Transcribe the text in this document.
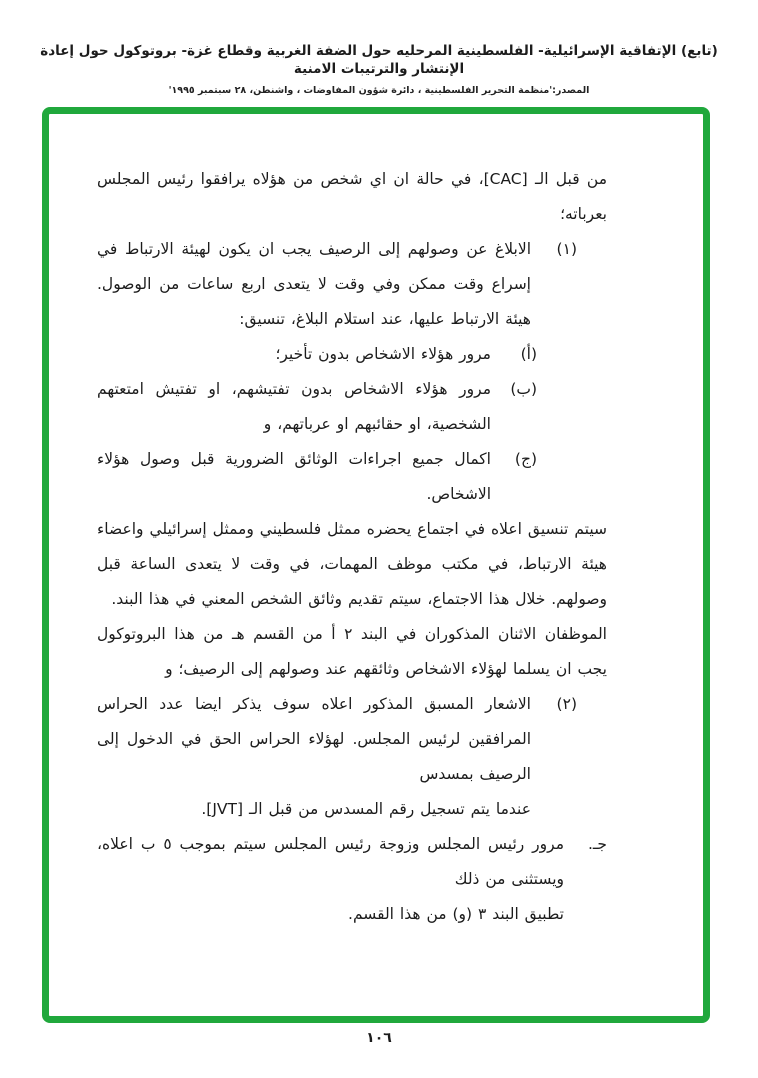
(تابع) الإتفاقية الإسرائيلية- الفلسطينية المرحليه حول الضفة الغربية وقطاع غزة- بروتوكول حول إعادة الإنتشار والترتيبات الامنية
المصدر:'منظمة التحرير الفلسطينية ، دائرة شؤون المفاوضات ، واشنطن، ٢٨ سبتمبر ١٩٩٥'

من قبل الـ [CAC]، في حالة ان اي شخص من هؤلاه يرافقوا رئيس المجلس بعرباته؛

(١)
الابلاغ عن وصولهم إلى الرصيف يجب ان يكون لهيئة الارتباط في إسراع وقت ممكن وفي وقت لا يتعدى اربع ساعات من الوصول. هيئة الارتباط عليها، عند استلام البلاغ، تنسيق:
(أ)
مرور هؤلاء الاشخاص بدون تأخير؛
(ب)
مرور هؤلاء الاشخاص بدون تفتيشهم، او تفتيش امتعتهم الشخصية، او حقائبهم او عرباتهم، و
(ج)
اكمال جميع اجراءات الوثائق الضرورية قبل وصول هؤلاء الاشخاص.

سيتم تنسيق اعلاه في اجتماع يحضره ممثل فلسطيني وممثل إسرائيلي واعضاء هيئة الارتباط، في مكتب موظف المهمات، في وقت لا يتعدى الساعة قبل وصولهم. خلال هذا الاجتماع، سيتم تقديم وثائق الشخص المعني في هذا البند.

الموظفان الاثنان المذكوران في البند ٢ أ من القسم هـ من هذا البروتوكول يجب ان يسلما لهؤلاء الاشخاص وثائقهم عند وصولهم إلى الرصيف؛ و

(٢)

الاشعار المسبق المذكور اعلاه سوف يذكر ايضا عدد الحراس المرافقين لرئيس المجلس. لهؤلاء الحراس الحق في الدخول إلى الرصيف بمسدس

عندما يتم تسجيل رقم المسدس من قبل الـ [JVT].

جـ.

مرور رئيس المجلس وزوجة رئيس المجلس سيتم بموجب ٥ ب اعلاه، ويستثنى من ذلك

تطبيق البند ٣ (و) من هذا القسم.

١٠٦
